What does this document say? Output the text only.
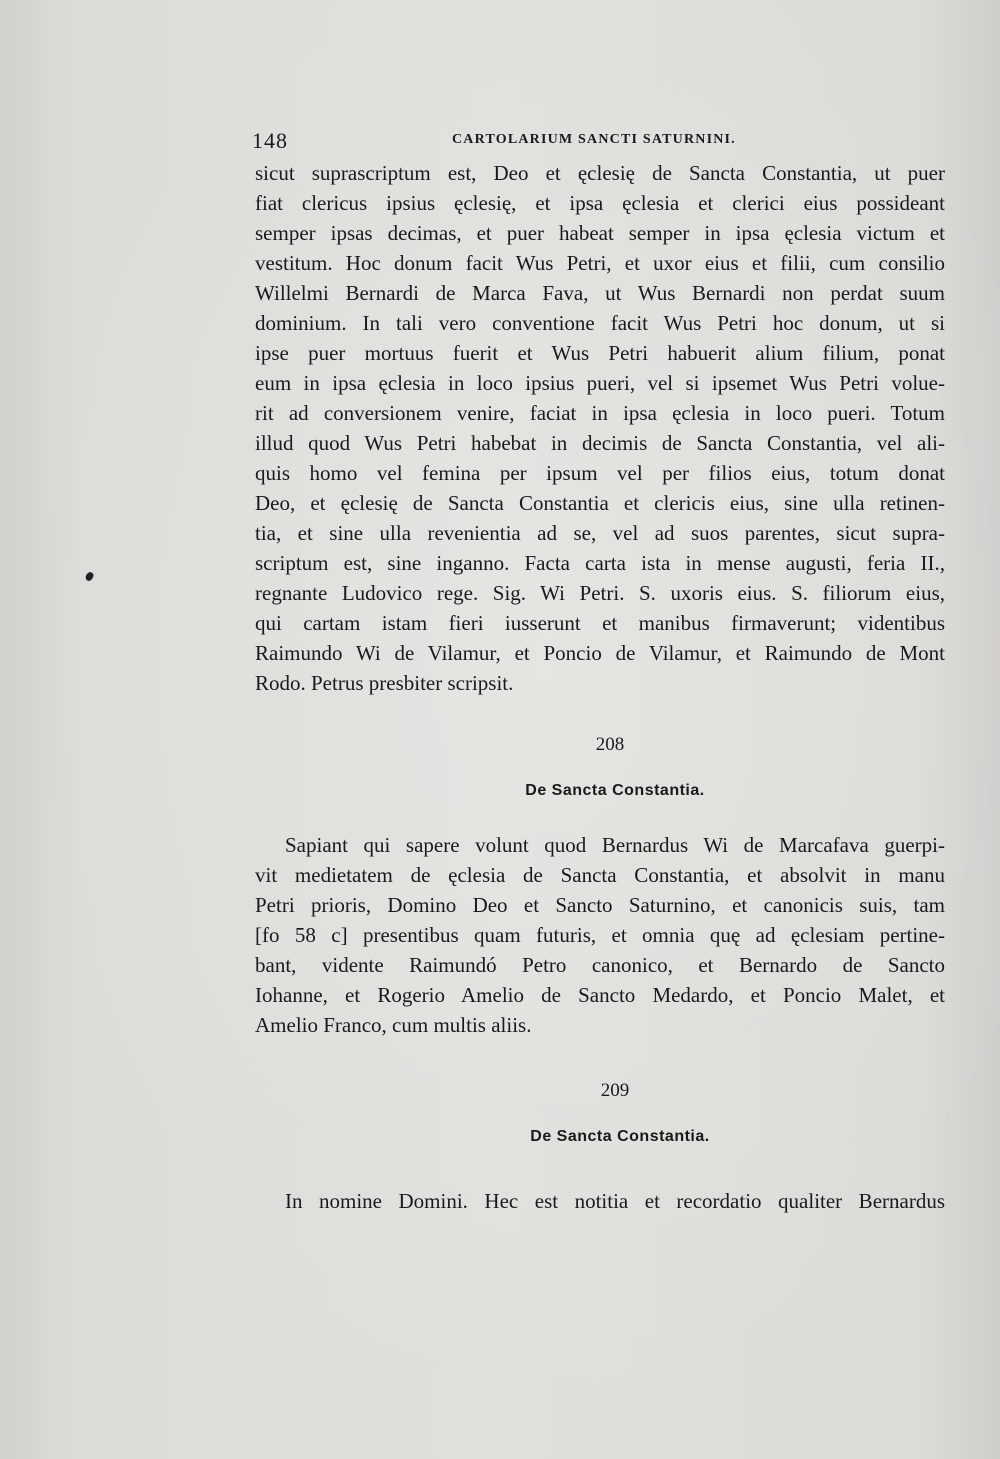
148	CARTOLARIUM SANCTI SATURNINI.
sicut suprascriptum est, Deo et ęclesię de Sancta Constantia, ut puer
fiat clericus ipsius ęclesię, et ipsa ęclesia et clerici eius possideant
semper ipsas decimas, et puer habeat semper in ipsa ęclesia victum et
vestitum. Hoc donum facit Wus Petri, et uxor eius et filii, cum consilio
Willelmi Bernardi de Marca Fava, ut Wus Bernardi non perdat suum
dominium. In tali vero conventione facit Wus Petri hoc donum, ut si
ipse puer mortuus fuerit et Wus Petri habuerit alium filium, ponat
eum in ipsa ęclesia in loco ipsius pueri, vel si ipsemet Wus Petri volue-
rit ad conversionem venire, faciat in ipsa ęclesia in loco pueri. Totum
illud quod Wus Petri habebat in decimis de Sancta Constantia, vel ali-
quis homo vel femina per ipsum vel per filios eius, totum donat
Deo, et ęclesię de Sancta Constantia et clericis eius, sine ulla retinen-
tia, et sine ulla revenientia ad se, vel ad suos parentes, sicut supra-
scriptum est, sine inganno. Facta carta ista in mense augusti, feria II.,
regnante Ludovico rege. Sig. Wi Petri. S. uxoris eius. S. filiorum eius,
qui cartam istam fieri iusserunt et manibus firmaverunt; videntibus
Raimundo Wi de Vilamur, et Poncio de Vilamur, et Raimundo de Mont
Rodo. Petrus presbiter scripsit.
208
De Sancta Constantia.
Sapiant qui sapere volunt quod Bernardus Wi de Marcafava guerpi-
vit medietatem de ęclesia de Sancta Constantia, et absolvit in manu
Petri prioris, Domino Deo et Sancto Saturnino, et canonicis suis, tam
[fo 58 c] presentibus quam futuris, et omnia quę ad ęclesiam pertine-
bant, vidente Raimundó Petro canonico, et Bernardo de Sancto
Iohanne, et Rogerio Amelio de Sancto Medardo, et Poncio Malet, et
Amelio Franco, cum multis aliis.
209
De Sancta Constantia.
In nomine Domini. Hec est notitia et recordatio qualiter Bernardus
